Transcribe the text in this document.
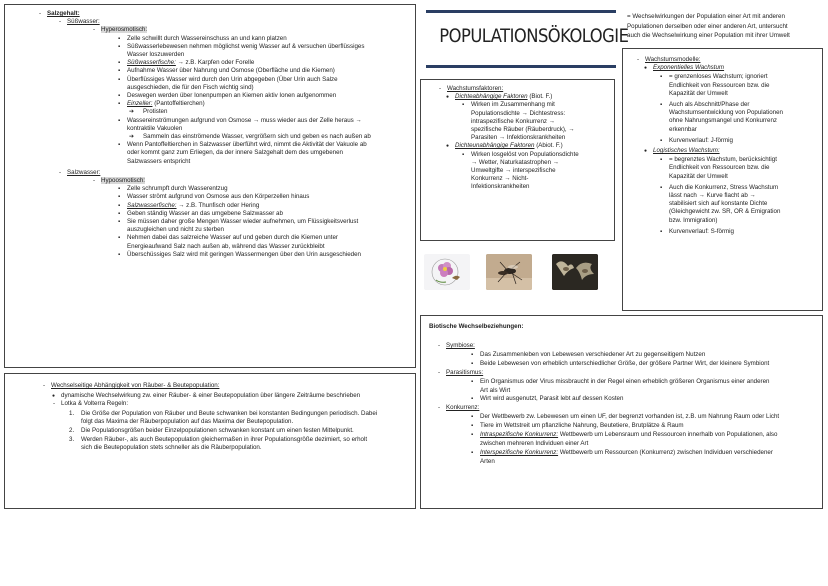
- Salzgehalt:
- Süßwasser:
- Hyperosmotisch:
▪ Zelle schwillt durch Wassereinschuss an und kann platzen
▪ Süßwasserlebewesen nehmen möglichst wenig Wasser auf & versuchen überflüssiges
Wasser loszuwerden
▪ Süßwasserfische: → z.B. Karpfen oder Forelle
▪ Aufnahme Wasser über Nahrung und Osmose (Oberfläche und die Kiemen)
▪ Überflüssiges Wasser wird durch den Urin abgegeben (Über Urin auch Salze
ausgeschieden, die für den Fisch wichtig sind)
▪ Deswegen werden über Ionenpumpen an Kiemen aktiv Ionen aufgenommen
▪ Einzeller: (Pantoffeltierchen)
➔ Protisten
▪ Wassereinströmungen aufgrund von Osmose → muss wieder aus der Zelle heraus →
kontraktile Vakuolen
➔ Sammeln das einströmende Wasser, vergrößern sich und geben es nach außen ab
▪ Wenn Pantoffeltierchen in Salzwasser überführt wird, nimmt die Aktivität der Vakuole ab
oder kommt ganz zum Erliegen, da der innere Salzgehalt dem des umgebenen
Salzwassers entspricht
- Salzwasser:
- Hypoosmotisch:
▪ Zelle schrumpft durch Wasserentzug
▪ Wasser strömt aufgrund von Osmose aus den Körperzellen hinaus
▪ Salzwasserfische: → z.B. Thunfisch oder Hering
▪ Geben ständig Wasser an das umgebene Salzwasser ab
▪ Sie müssen daher große Mengen Wasser wieder aufnehmen, um Flüssigkeitsverlust
auszugleichen und nicht zu sterben
▪ Nehmen dabei das salzreiche Wasser auf und geben durch die Kiemen unter
Energieaufwand Salz nach außen ab, während das Wasser zurückbleibt
▪ Überschüssiges Salz wird mit geringen Wassermengen über den Urin ausgeschieden
- Wechselseitige Abhängigkeit von Räuber- & Beutepopulation:
● dynamische Wechselwirkung zw. einer Räuber- & einer Beutepopulation über längere Zeiträume beschrieben
- Lotka & Volterra Regeln:
1. Die Größe der Population von Räuber und Beute schwanken bei konstanten Bedingungen periodisch. Dabei
folgt das Maxima der Räuberpopulation auf das Maxima der Beutepopulation.
2. Die Populationsgrößen beider Einzelpopulationen schwanken konstant um einen festen Mittelpunkt.
3. Werden Räuber-, als auch Beutepopulation gleichermaßen in ihrer Populationsgröße dezimiert, so erholt
sich die Beutepopulation stets schneller als die Räuberpopulation.
POPULATIONSÖKOLOGIE
- Wachstumsfaktoren:
● Dichteabhängige Faktoren (Biot. F.)
▪ Wirken im Zusammenhang mit
Populationsdichte → Dichtestress:
intraspezifische Konkurrenz →
spezifische Räuber (Räuberdruck), →
Parasiten → Infektionskrankheiten
● Dichteunabhängige Faktoren (Abiot. F.)
▪ Wirken losgelöst von Populationsdichte
→ Wetter, Naturkatastrophen →
Umweltgifte → interspezifische
Konkurrenz → Nicht-
Infektionskrankheiten
= Wechselwirkungen der Population einer Art mit anderen
Populationen derselben oder einer anderen Art, untersucht
auch die Wechselwirkung einer Population mit ihrer Umwelt
- Wachstumsmodelle:
● Exponentielles Wachstum
▪ = grenzenloses Wachstum; ignoriert
Endlichkeit von Ressourcen bzw. die
Kapazität der Umwelt
▪ Auch als Abschnitt/Phase der
Wachstumsentwicklung von Populationen
ohne Nahrungsmangel und Konkurrenz
erkennbar
▪ Kurvenverlauf: J-förmig
● Logistisches Wachstum:
▪ = begrenztes Wachstum, berücksichtigt
Endlichkeit von Ressourcen bzw. die
Kapazität der Umwelt
▪ Auch die Konkurrenz, Stress Wachstum
lässt nach → Kurve flacht ab →
stabilisiert sich auf konstante Dichte
(Gleichgewicht zw. SR, OR & Emigration
bzw. Immigration)
▪ Kurvenverlauf: S-förmig
Biotische Wechselbeziehungen:
- Symbiose:
▪ Das Zusammenleben von Lebewesen verschiedener Art zu gegenseitigem Nutzen
▪ Beide Lebewesen von erheblich unterschiedlicher Größe, der größere Partner Wirt, der kleinere Symbiont
- Parasitismus:
▪ Ein Organismus oder Virus missbraucht in der Regel einen erheblich größeren Organismus einer anderen
Art als Wirt
▪ Wirt wird ausgenutzt, Parasit lebt auf dessen Kosten
- Konkurrenz:
▪ Der Wettbewerb zw. Lebewesen um einen UF, der begrenzt vorhanden ist, z.B. um Nahrung Raum oder Licht
▪ Tiere im Wettstreit um pflanzliche Nahrung, Beutetiere, Brutplätze & Raum
▪ Intraspezifische Konkurrenz: Wettbewerb um Lebensraum und Ressourcen innerhalb von Populationen, also
zwischen mehreren Individuen einer Art
▪ Interspezifische Konkurrenz: Wettbewerb um Ressourcen (Konkurrenz) zwischen Individuen verschiedener
Arten
